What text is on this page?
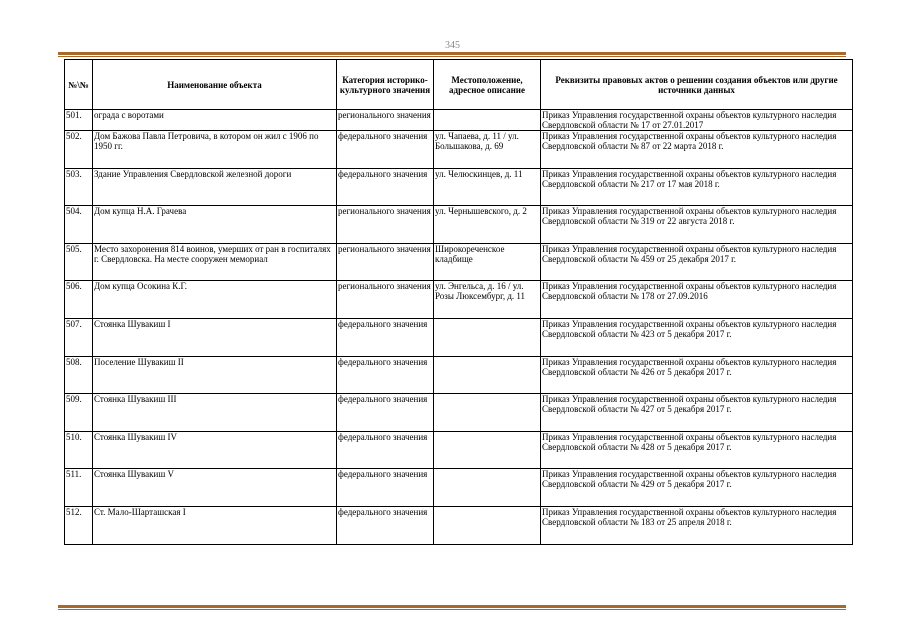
345
№\№	Наименование объекта	Категория историко-культурного значения	Местоположение, адресное описание	Реквизиты правовых актов о решении создания объектов или другие источники данных
501.	ограда с воротами	регионального значения		Приказ Управления государственной охраны объектов культурного наследия Свердловской области № 17 от 27.01.2017
502.	Дом Бажова Павла Петровича, в котором он жил с 1906 по 1950 гг.	федерального значения	ул. Чапаева, д. 11 / ул. Большакова, д. 69	Приказ Управления государственной охраны объектов культурного наследия Свердловской области № 87 от 22 марта 2018 г.
503.	Здание Управления Свердловской железной дороги	федерального значения	ул. Челюскинцев, д. 11	Приказ Управления государственной охраны объектов культурного наследия Свердловской области № 217 от 17 мая 2018 г.
504.	Дом купца Н.А. Грачева	регионального значения	ул. Чернышевского, д. 2	Приказ Управления государственной охраны объектов культурного наследия Свердловской области № 319 от 22 августа 2018 г.
505.	Место захоронения 814 воинов, умерших от ран в госпиталях г. Свердловска. На месте сооружен мемориал	регионального значения	Широкореченское кладбище	Приказ Управления государственной охраны объектов культурного наследия Свердловской области № 459 от 25 декабря 2017 г.
506.	Дом купца Осокина К.Г.	регионального значения	ул. Энгельса, д. 16 / ул. Розы Люксембург, д. 11	Приказ Управления государственной охраны объектов культурного наследия Свердловской области № 178 от 27.09.2016
507.	Стоянка Шувакиш I	федерального значения		Приказ Управления государственной охраны объектов культурного наследия Свердловской области № 423 от 5 декабря 2017 г.
508.	Поселение Шувакиш II	федерального значения		Приказ Управления государственной охраны объектов культурного наследия Свердловской области № 426 от 5 декабря 2017 г.
509.	Стоянка Шувакиш III	федерального значения		Приказ Управления государственной охраны объектов культурного наследия Свердловской области № 427 от 5 декабря 2017 г.
510.	Стоянка Шувакиш IV	федерального значения		Приказ Управления государственной охраны объектов культурного наследия Свердловской области № 428 от 5 декабря 2017 г.
511.	Стоянка Шувакиш V	федерального значения		Приказ Управления государственной охраны объектов культурного наследия Свердловской области № 429 от 5 декабря 2017 г.
512.	Ст. Мало-Шарташская I	федерального значения		Приказ Управления государственной охраны объектов культурного наследия Свердловской области № 183 от 25 апреля 2018 г.
